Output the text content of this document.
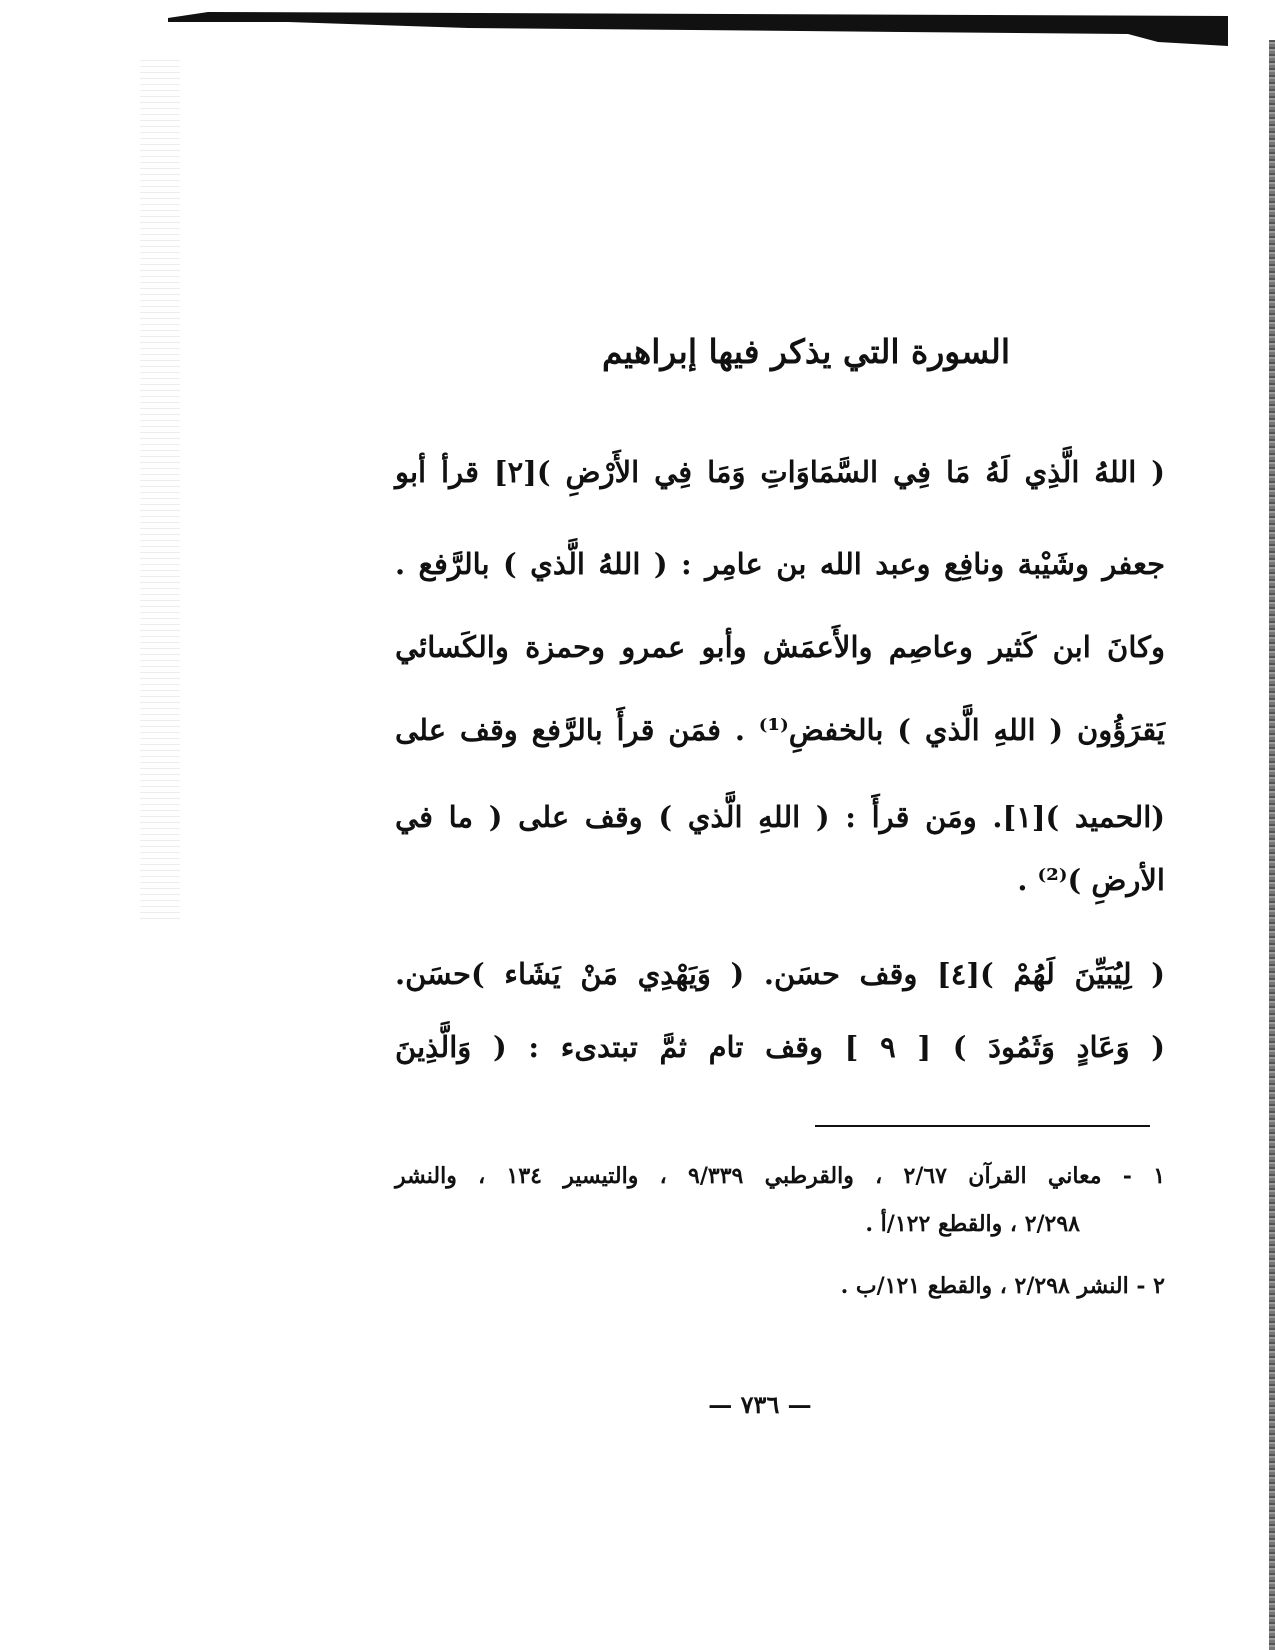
السورة التي يذكر فيها إبراهيم
( اللهُ الَّذِي لَهُ مَا فِي السَّمَاوَاتِ وَمَا فِي الأَرْضِ )[٢] قرأ أبو
جعفر وشَيْبة ونافِع وعبد الله بن عامِر : ( اللهُ الَّذي ) بالرَّفع .
وكانَ ابن كَثير وعاصِم والأَعمَش وأبو عمرو وحمزة والكَسائي
يَقرَؤُون ( اللهِ الَّذي ) بالخفضِ⁽¹⁾ . فمَن قرأَ بالرَّفع وقف على
(الحميد )[١]. ومَن قرأَ : ( اللهِ الَّذي ) وقف على ( ما في
الأرضِ )⁽²⁾ .
( لِيُبَيِّنَ لَهُمْ )[٤] وقف حسَن. ( وَيَهْدِي مَنْ يَشَاء )حسَن.
( وَعَادٍ وَثَمُودَ ) [ ٩ ] وقف تام ثمَّ تبتدىء : ( وَالَّذِينَ
١ - معاني القرآن ٢/٦٧ ، والقرطبي ٩/٣٣٩ ، والتيسير ١٣٤ ، والنشر
٢/٢٩٨ ، والقطع ١٢٢/أ .
٢ - النشر ٢/٢٩٨ ، والقطع ١٢١/ب .
— ٧٣٦ —
